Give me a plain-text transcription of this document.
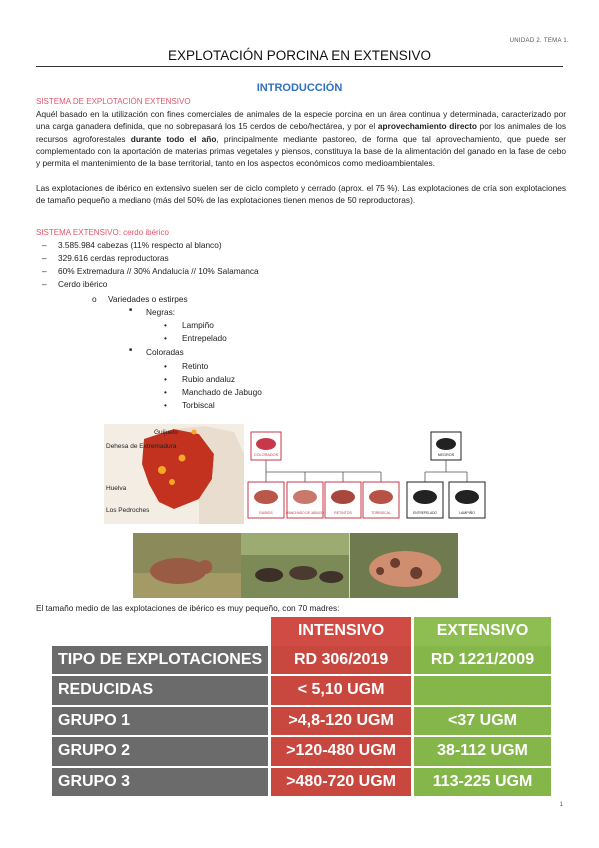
UNIDAD 2. TEMA 1.
EXPLOTACIÓN PORCINA EN EXTENSIVO
INTRODUCCIÓN
SISTEMA DE EXPLOTACIÓN EXTENSIVO
Aquél basado en la utilización con fines comerciales de animales de la especie porcina en un área continua y determinada, caracterizado por una carga ganadera definida, que no sobrepasará los 15 cerdos de cebo/hectárea, y por el aprovechamiento directo por los animales de los recursos agroforestales durante todo el año, principalmente mediante pastoreo, de forma que tal aprovechamiento, que puede ser complementado con la aportación de materias primas vegetales y piensos, constituya la base de la alimentación del ganado en la fase de cebo y permita el mantenimiento de la base territorial, tanto en los aspectos económicos como medioambientales.
Las explotaciones de ibérico en extensivo suelen ser de ciclo completo y cerrado (aprox. el 75 %). Las explotaciones de cría son explotaciones de tamaño pequeño a mediano (más del 50% de las explotaciones tienen menos de 50 reproductoras).
SISTEMA EXTENSIVO: cerdo ibérico
– 3.585.984 cabezas (11% respecto al blanco)
– 329.616 cerdas reproductoras
– 60% Extremadura // 30% Andalucía // 10% Salamanca
– Cerdo ibérico
o Variedades o estirpes
■ Negras:
• Lampiño
• Entrepelado
■ Coloradas
• Retinto
• Rubio andaluz
• Manchado de Jabugo
• Torbiscal
Guijuelo
Dehesa de Extremadura
Huelva
Los Pedroches
COLORADOS	NEGROS
RUBIOS	MANCHADO DE JABUGO	RETINTOS	TORBISCAL	ENTREPELADO	LAMPIÑO
El tamaño medio de las explotaciones de ibérico es muy pequeño, con 70 madres:
	INTENSIVO	EXTENSIVO
TIPO DE EXPLOTACIONES	RD 306/2019	RD 1221/2009
REDUCIDAS	< 5,10 UGM	
GRUPO 1	>4,8-120 UGM	<37 UGM
GRUPO 2	>120-480 UGM	38-112 UGM
GRUPO 3	>480-720 UGM	113-225 UGM
1
